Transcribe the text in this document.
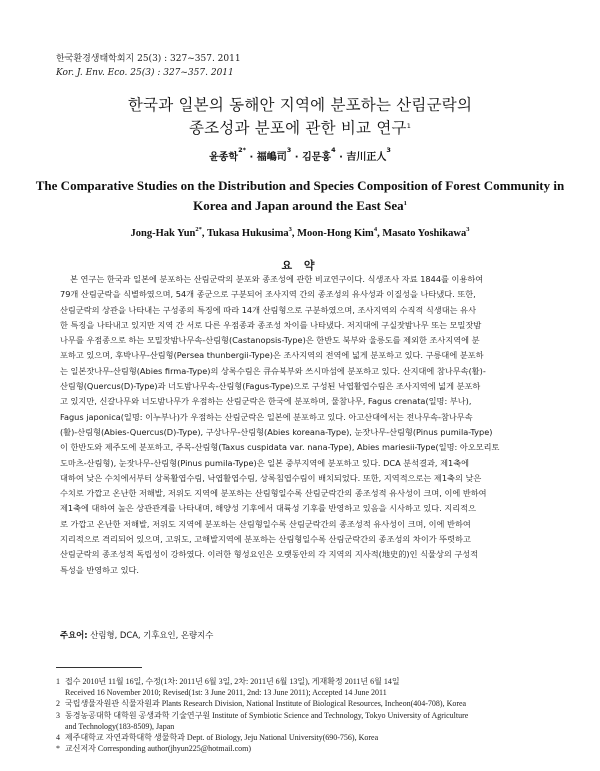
한국환경생태학회지 25(3) : 327~357. 2011
Kor. J. Env. Eco. 25(3) : 327~357. 2011
한국과 일본의 동해안 지역에 분포하는 산림군락의
종조성과 분포에 관한 비교 연구$^1$
윤종학$^{2*}$ · 福嶋司$^3$ · 김문홍$^4$ · 吉川正人$^3$
The Comparative Studies on the Distribution and Species Composition of Forest Community in
Korea and Japan around the East Sea$^1$
Jong-Hak Yun$^{2*}$, Tukasa Hukusima$^3$, Moon-Hong Kim$^4$, Masato Yoshikawa$^3$
요 약
본 연구는 한국과 일본에 분포하는 산림군락의 분포와 종조성에 관한 비교연구이다. 식생조사 자료 1844를 이용하여
79개 산림군락을 식별하였으며, 54개 종군으로 구분되어 조사지역 간의 종조성의 유사성과 이질성을 나타냈다. 또한,
산림군락의 상관을 나타내는 구성종의 특징에 따라 14개 산림형으로 구분하였으며, 조사지역의 수직적 식생대는 유사
한 특징을 나타내고 있지만 지역 간 서로 다른 우점종과 종조성 차이를 나타냈다. 저지대에 구실잣밤나무 또는 모밀잣밤
나무를 우점종으로 하는 모밀잣밤나무속-산림형(Castanopsis-Type)은 한반도 북부와 울릉도를 제외한 조사지역에 분
포하고 있으며, 후박나무-산림형(Persea thunbergii-Type)은 조사지역의 전역에 넓게 분포하고 있다. 구릉대에 분포하
는 일본잣나무-산림형(Abies firma-Type)의 상록수림은 큐슈북부와 쓰시마섬에 분포하고 있다. 산지대에 참나무속(활)-
산림형(Quercus(D)-Type)과 너도밤나무속-산림형(Fagus-Type)으로 구성된 낙엽활엽수림은 조사지역에 넓게 분포하
고 있지만, 신갈나무와 너도밤나무가 우점하는 산림군락은 한국에 분포하며, 물참나무, Fagus crenata(일명: 부나),
Fagus japonica(일명: 이누부나)가 우점하는 산림군락은 일본에 분포하고 있다. 아고산대에서는 전나무속-참나무속
(활)-산림형(Abies-Quercus(D)-Type), 구상나무-산림형(Abies koreana-Type), 눈잣나무-산림형(Pinus pumila-Type)
이 한반도와 제주도에 분포하고, 주목-산림형(Taxus cuspidata var. nana-Type), Abies mariesii-Type(일명: 아오모리토
도마츠-산림형), 눈잣나무-산림형(Pinus pumila-Type)은 일본 중부지역에 분포하고 있다. DCA 분석결과, 제1축에
대하여 낮은 수치에서부터 상록활엽수림, 낙엽활엽수림, 상록침엽수림이 배치되었다. 또한, 지역적으로는 제1축의 낮은
수치로 가깝고 온난한 저해발, 저위도 지역에 분포하는 산림형일수록 산림군락간의 종조성적 유사성이 크며, 이에 반하여
제1축에 대하여 높은 상관관계를 나타내며, 해양성 기후에서 대륙성 기후를 반영하고 있음을 시사하고 있다. 지리적으
로 가깝고 온난한 저해발, 저위도 지역에 분포하는 산림형일수록 산림군락간의 종조성적 유사성이 크며, 이에 반하여
지리적으로 격리되어 있으며, 고위도, 고해발지역에 분포하는 산림형일수록 산림군락간의 종조성의 차이가 뚜렷하고
산림군락의 종조성적 독립성이 강하였다. 이러한 형성요인은 오랫동안의 각 지역의 지사적(地史的)인 식물상의 구성적
특성을 반영하고 있다.
주요어: 산림형, DCA, 기후요인, 온량지수
1 접수 2010년 11월 16일, 수정(1차: 2011년 6월 3일, 2차: 2011년 6월 13일), 게재확정 2011년 6월 14일
Received 16 November 2010; Revised(1st: 3 June 2011, 2nd: 13 June 2011); Accepted 14 June 2011
2 국립생물자원관 식물자원과 Plants Research Division, National Institute of Biological Resources, Incheon(404-708), Korea
3 동경농공대학 대학원 공생과학 기술연구원 Institute of Symbiotic Science and Technology, Tokyo University of Agriculture
and Technology(183-8509), Japan
4 제주대학교 자연과학대학 생물학과 Dept. of Biology, Jeju National University(690-756), Korea
* 교신저자 Corresponding author(jhyun225@hotmail.com)
